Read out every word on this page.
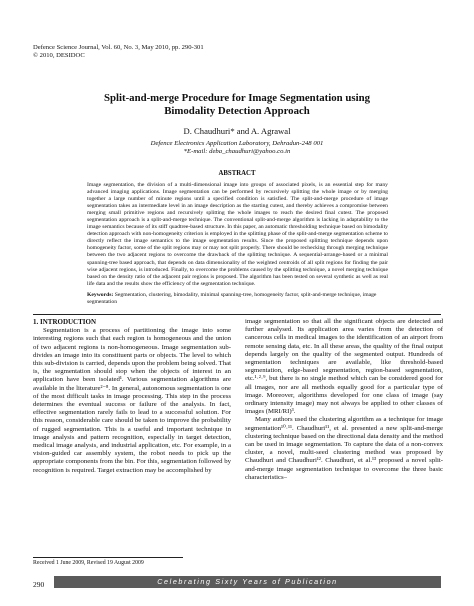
Defence Science Journal, Vol. 60, No. 3, May 2010, pp. 290-301
© 2010, DESIDOC
Split-and-merge Procedure for Image Segmentation using
Bimodality Detection Approach
D. Chaudhuri* and A. Agrawal
Defence Electronics Application Laboratory, Dehradun-248 001
*E-mail: deba_chaudhuri@yahoo.co.in
ABSTRACT

Image segmentation, the division of a multi-dimensional image into groups of associated pixels, is an essential step for many advanced imaging applications. Image segmentation can be performed by recursively splitting the whole image or by merging together a large number of minute regions until a specified condition is satisfied. The split-and-merge procedure of image segmentation takes an intermediate level in an image description as the starting cutest, and thereby achieves a compromise between merging small primitive regions and recursively splitting the whole images to reach the desired final cutest. The proposed segmentation approach is a split-and-merge technique. The conventional split-and-merge algorithm is lacking in adaptability to the image semantics because of its stiff quadtree-based structure. In this paper, an automatic thresholding technique based on bimodality detection approach with non-homogeneity criterion is employed in the splitting phase of the split-and-merge segmentation scheme to directly reflect the image semantics to the image segmentation results. Since the proposed splitting technique depends upon homogeneity factor, some of the split regions may or may not split properly. There should be rechecking through merging technique between the two adjacent regions to overcome the drawback of the splitting technique. A sequential-arrange-based or a minimal spanning-tree based approach, that depends on data dimensionality of the weighted centroids of all split regions for finding the pair wise adjacent regions, is introduced. Finally, to overcome the problems caused by the splitting technique, a novel merging technique based on the density ratio of the adjacent pair regions is proposed. The algorithm has been tested on several synthetic as well as real life data and the results show the efficiency of the segmentation technique.

Keywords: Segmentation, clustering, bimodality, minimal spanning-tree, homogeneity factor, split-and-merge technique, image segmentation

1. INTRODUCTION

Segmentation is a process of partitioning the image into some interesting regions such that each region is homogeneous and the union of two adjacent regions is non-homogeneous. Image segmentation sub-divides an image into its constituent parts or objects. The level to which this sub-division is carried, depends upon the problem being solved. That is, the segmentation should stop when the objects of interest in an application have been isolated¹. Various segmentation algorithms are available in the literature²⁻⁸. In general, autonomous segmentation is one of the most difficult tasks in image processing. This step in the process determines the eventual success or failure of the analysis. In fact, effective segmentation rarely fails to lead to a successful solution. For this reason, considerable care should be taken to improve the probability of rugged segmentation. This is a useful and important technique in image analysis and pattern recognition, especially in target detection, medical image analysis, and industrial application, etc. For example, in a vision-guided car assembly system, the robot needs to pick up the appropriate components from the bin. For this, segmentation followed by recognition is required. Target extraction may be accomplished by

image segmentation so that all the significant objects are detected and further analysed. Its application area varies from the detection of cancerous cells in medical images to the identification of an airport from remote sensing data, etc. In all these areas, the quality of the final output depends largely on the quality of the segmented output. Hundreds of segmentation techniques are available, like threshold-based segmentation, edge-based segmentation, region-based segmentation, etc.¹·²·⁹, but there is no single method which can be considered good for all images, nor are all methods equally good for a particular type of image. Moreover, algorithms developed for one class of image (say ordinary intensity image) may not always be applied to other classes of images (MRI/RI)³.

Many authors used the clustering algorithm as a technique for image segmentation¹⁰·¹¹. Chaudhuri¹¹, et al. presented a new split-and-merge clustering technique based on the directional data density and the method can be used in image segmentation. To capture the data of a non-convex cluster, a novel, multi-seed clustering method was proposed by Chaudhuri and Chaudhuri¹². Chaudhuri, et al.¹³ proposed a novel split-and-merge image segmentation technique to overcome the three basic characteristics–

Received 1 June 2009, Revised 19 August 2009
290	Celebrating Sixty Years of Publication
